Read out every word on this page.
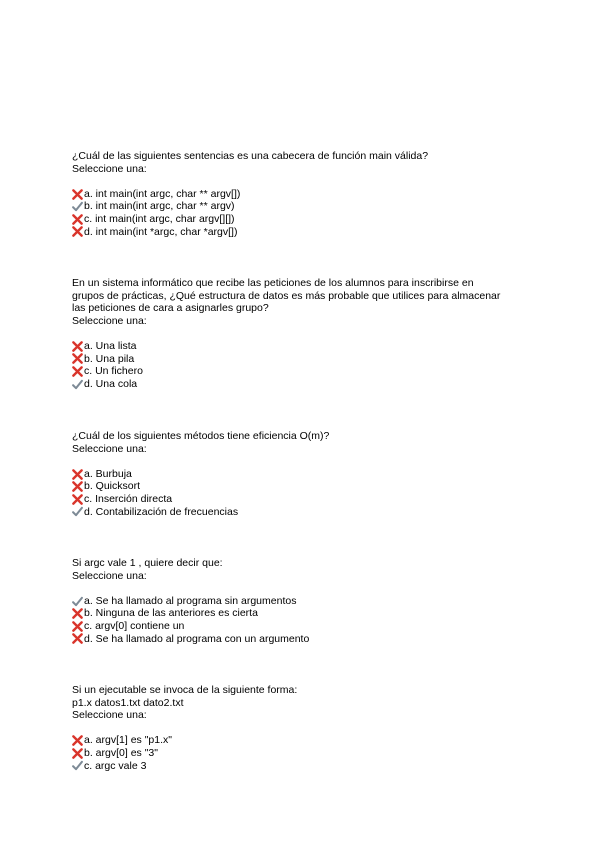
¿Cuál de las siguientes sentencias es una cabecera de función main válida?

Seleccione una:

a. int main(int argc, char ** argv[])
b. int main(int argc, char ** argv)
c. int main(int argc, char argv[][])
d. int main(int *argc, char *argv[])

En un sistema informático que recibe las peticiones de los alumnos para inscribirse en

grupos de prácticas, ¿Qué estructura de datos es más probable que utilices para almacenar

las peticiones de cara a asignarles grupo?

Seleccione una:

a. Una lista
b. Una pila
c. Un fichero
d. Una cola

¿Cuál de los siguientes métodos tiene eficiencia O(m)?

Seleccione una:

a. Burbuja
b. Quicksort
c. Inserción directa
d. Contabilización de frecuencias

Si argc vale 1 , quiere decir que:

Seleccione una:

a. Se ha llamado al programa sin argumentos
b. Ninguna de las anteriores es cierta
c. argv[0] contiene un
d. Se ha llamado al programa con un argumento

Si un ejecutable se invoca de la siguiente forma:

p1.x datos1.txt dato2.txt

Seleccione una:

a. argv[1] es "p1.x"
b. argv[0] es "3"
c. argc vale 3
